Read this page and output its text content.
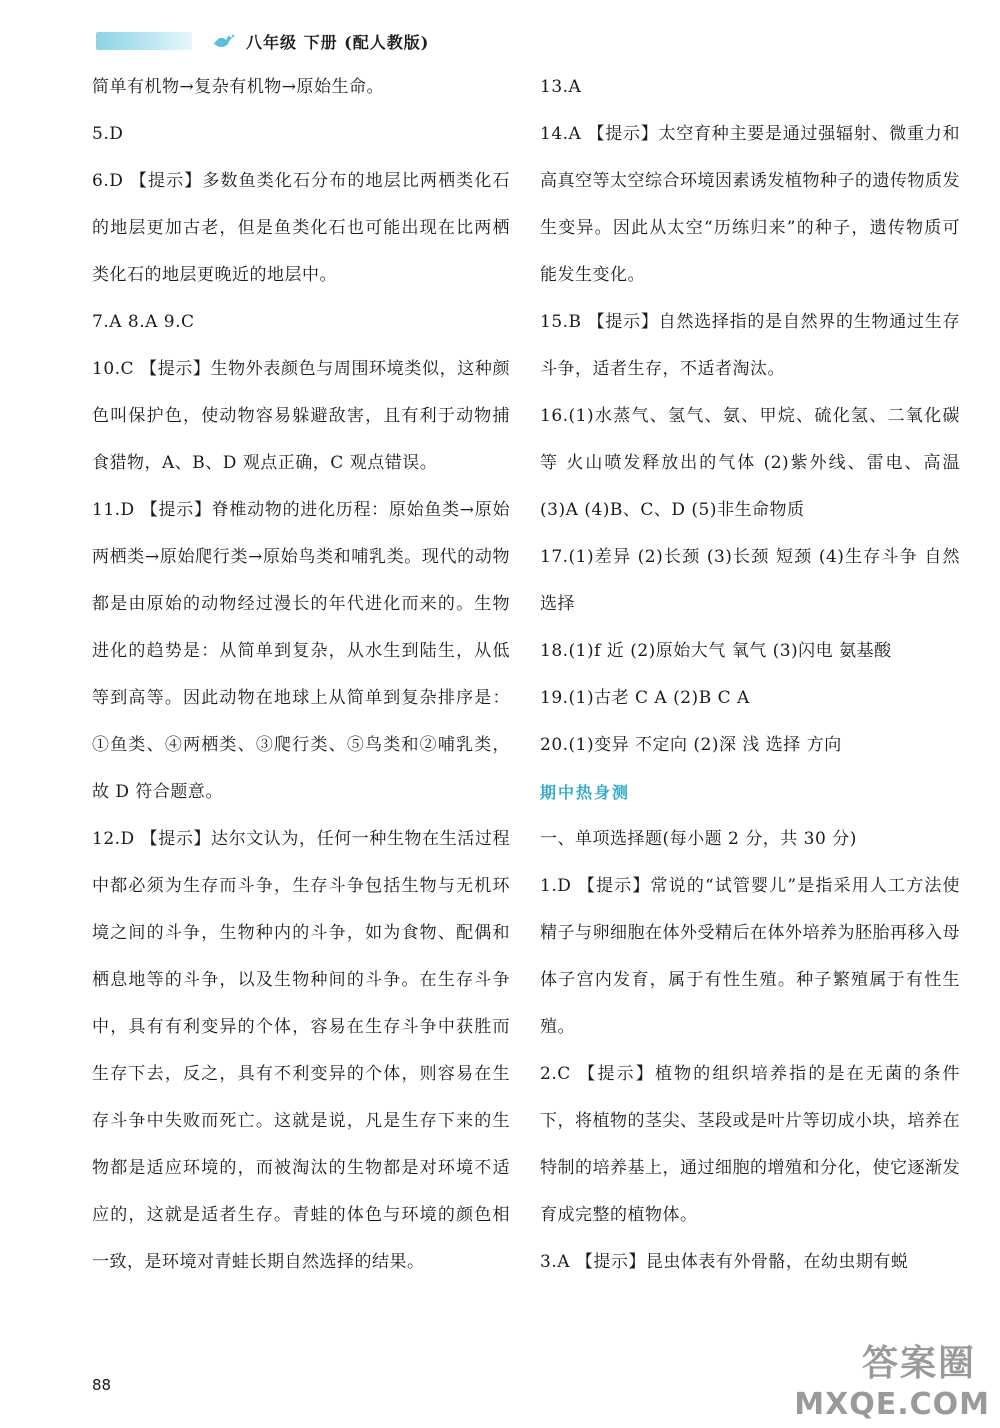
八年级 下册 (配人教版)

简单有机物→复杂有机物→原始生命。

5.D

6.D 【提示】多数鱼类化石分布的地层比两栖类化石的地层更加古老，但是鱼类化石也可能出现在比两栖类化石的地层更晚近的地层中。

7.A 8.A 9.C

10.C 【提示】生物外表颜色与周围环境类似，这种颜色叫保护色，使动物容易躲避敌害，且有利于动物捕食猎物，A、B、D 观点正确，C 观点错误。

11.D 【提示】脊椎动物的进化历程：原始鱼类→原始两栖类→原始爬行类→原始鸟类和哺乳类。现代的动物都是由原始的动物经过漫长的年代进化而来的。生物进化的趋势是：从简单到复杂，从水生到陆生，从低等到高等。因此动物在地球上从简单到复杂排序是：①鱼类、④两栖类、③爬行类、⑤鸟类和②哺乳类，故 D 符合题意。

12.D 【提示】达尔文认为，任何一种生物在生活过程中都必须为生存而斗争，生存斗争包括生物与无机环境之间的斗争，生物种内的斗争，如为食物、配偶和栖息地等的斗争，以及生物种间的斗争。在生存斗争中，具有有利变异的个体，容易在生存斗争中获胜而生存下去，反之，具有不利变异的个体，则容易在生存斗争中失败而死亡。这就是说，凡是生存下来的生物都是适应环境的，而被淘汰的生物都是对环境不适应的，这就是适者生存。青蛙的体色与环境的颜色相一致，是环境对青蛙长期自然选择的结果。

13.A

14.A 【提示】太空育种主要是通过强辐射、微重力和高真空等太空综合环境因素诱发植物种子的遗传物质发生变异。因此从太空“历练归来”的种子，遗传物质可能发生变化。

15.B 【提示】自然选择指的是自然界的生物通过生存斗争，适者生存，不适者淘汰。

16.(1)水蒸气、氢气、氨、甲烷、硫化氢、二氧化碳等 火山喷发释放出的气体 (2)紫外线、雷电、高温 (3)A (4)B、C、D (5)非生命物质

17.(1)差异 (2)长颈 (3)长颈 短颈 (4)生存斗争 自然选择

18.(1)f 近 (2)原始大气 氧气 (3)闪电 氨基酸

19.(1)古老 C A (2)B C A

20.(1)变异 不定向 (2)深 浅 选择 方向

期中热身测

一、单项选择题(每小题 2 分，共 30 分)

1.D 【提示】常说的“试管婴儿”是指采用人工方法使精子与卵细胞在体外受精后在体外培养为胚胎再移入母体子宫内发育，属于有性生殖。种子繁殖属于有性生殖。

2.C 【提示】植物的组织培养指的是在无菌的条件下，将植物的茎尖、茎段或是叶片等切成小块，培养在特制的培养基上，通过细胞的增殖和分化，使它逐渐发育成完整的植物体。

3.A 【提示】昆虫体表有外骨骼，在幼虫期有蜕

88
答案圈
MXQE.COM
